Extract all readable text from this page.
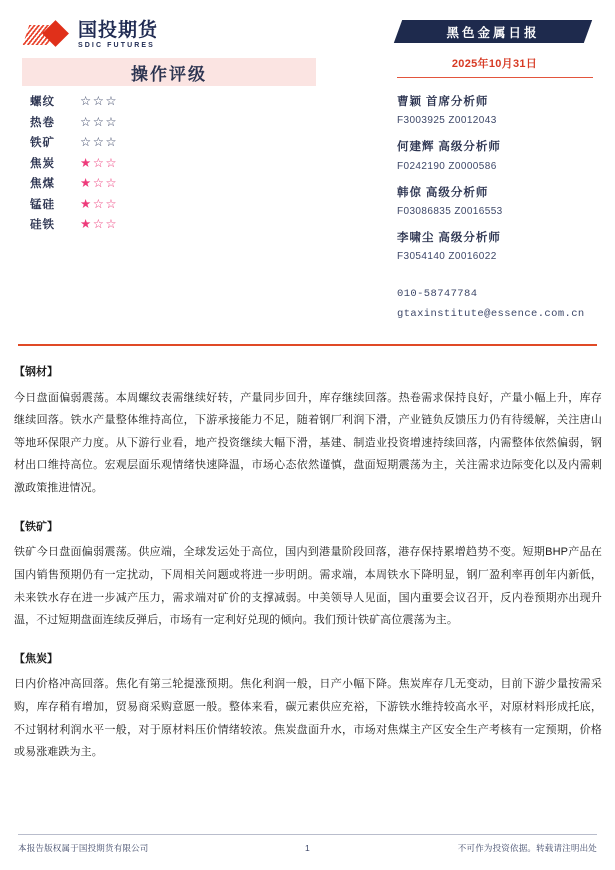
国投期货
SDIC FUTURES
操作评级
螺纹	☆☆☆
热卷	☆☆☆
铁矿	☆☆☆
焦炭	★☆☆
焦煤	★☆☆
锰硅	★☆☆
硅铁	★☆☆
黑色金属日报
2025年10月31日
曹颖 首席分析师
F3003925 Z0012043
何建辉 高级分析师
F0242190 Z0000586
韩倞 高级分析师
F03086835 Z0016553
李啸尘 高级分析师
F3054140 Z0016022
010-58747784
gtaxinstitute@essence.com.cn
【钢材】
今日盘面偏弱震荡。本周螺纹表需继续好转，产量同步回升，库存继续回落。热卷需求保持良好，产量小幅上升，库存继续回落。铁水产量整体维持高位，下游承接能力不足，随着钢厂利润下滑，产业链负反馈压力仍有待缓解，关注唐山等地环保限产力度。从下游行业看，地产投资继续大幅下滑，基建、制造业投资增速持续回落，内需整体依然偏弱，钢材出口维持高位。宏观层面乐观情绪快速降温，市场心态依然谨慎，盘面短期震荡为主，关注需求边际变化以及内需刺激政策推进情况。
【铁矿】
铁矿今日盘面偏弱震荡。供应端，全球发运处于高位，国内到港量阶段回落，港存保持累增趋势不变。短期BHP产品在国内销售预期仍有一定扰动，下周相关问题或将进一步明朗。需求端，本周铁水下降明显，钢厂盈利率再创年内新低，未来铁水存在进一步减产压力，需求端对矿价的支撑减弱。中美领导人见面，国内重要会议召开，反内卷预期亦出现升温，不过短期盘面连续反弹后，市场有一定利好兑现的倾向。我们预计铁矿高位震荡为主。
【焦炭】
日内价格冲高回落。焦化有第三轮提涨预期。焦化利润一般，日产小幅下降。焦炭库存几无变动，目前下游少量按需采购，库存稍有增加，贸易商采购意愿一般。整体来看，碳元素供应充裕，下游铁水维持较高水平，对原材料形成托底，不过钢材利润水平一般，对于原材料压价情绪较浓。焦炭盘面升水，市场对焦煤主产区安全生产考核有一定预期，价格或易涨难跌为主。
本报告版权属于国投期货有限公司	1	不可作为投资依据。转载请注明出处
